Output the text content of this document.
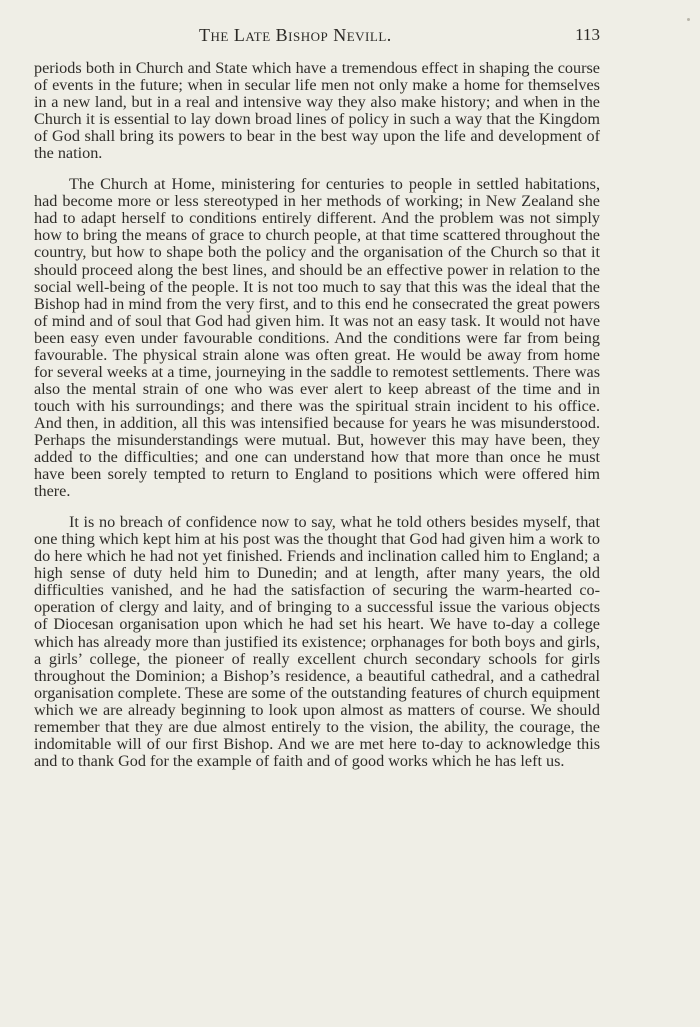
The Late Bishop Nevill.	113

periods both in Church and State which have a tremendous effect in shaping the course of events in the future; when in secular life men not only make a home for themselves in a new land, but in a real and intensive way they also make history; and when in the Church it is essential to lay down broad lines of policy in such a way that the Kingdom of God shall bring its powers to bear in the best way upon the life and development of the nation.

The Church at Home, ministering for centuries to people in settled habitations, had become more or less stereotyped in her methods of working; in New Zealand she had to adapt herself to conditions entirely different. And the problem was not simply how to bring the means of grace to church people, at that time scattered throughout the country, but how to shape both the policy and the organisation of the Church so that it should proceed along the best lines, and should be an effective power in relation to the social well-being of the people. It is not too much to say that this was the ideal that the Bishop had in mind from the very first, and to this end he consecrated the great powers of mind and of soul that God had given him. It was not an easy task. It would not have been easy even under favourable conditions. And the conditions were far from being favourable. The physical strain alone was often great. He would be away from home for several weeks at a time, journeying in the saddle to remotest settlements. There was also the mental strain of one who was ever alert to keep abreast of the time and in touch with his surroundings; and there was the spiritual strain incident to his office. And then, in addition, all this was intensified because for years he was misunderstood. Perhaps the misunderstandings were mutual. But, however this may have been, they added to the difficulties; and one can understand how that more than once he must have been sorely tempted to return to England to positions which were offered him there.

It is no breach of confidence now to say, what he told others besides myself, that one thing which kept him at his post was the thought that God had given him a work to do here which he had not yet finished. Friends and inclination called him to England; a high sense of duty held him to Dunedin; and at length, after many years, the old difficulties vanished, and he had the satisfaction of securing the warm-hearted co-operation of clergy and laity, and of bringing to a successful issue the various objects of Diocesan organisation upon which he had set his heart. We have to-day a college which has already more than justified its existence; orphanages for both boys and girls, a girls’ college, the pioneer of really excellent church secondary schools for girls throughout the Dominion; a Bishop’s residence, a beautiful cathedral, and a cathedral organisation complete. These are some of the outstanding features of church equipment which we are already beginning to look upon almost as matters of course. We should remember that they are due almost entirely to the vision, the ability, the courage, the indomitable will of our first Bishop. And we are met here to-day to acknowledge this and to thank God for the example of faith and of good works which he has left us.
